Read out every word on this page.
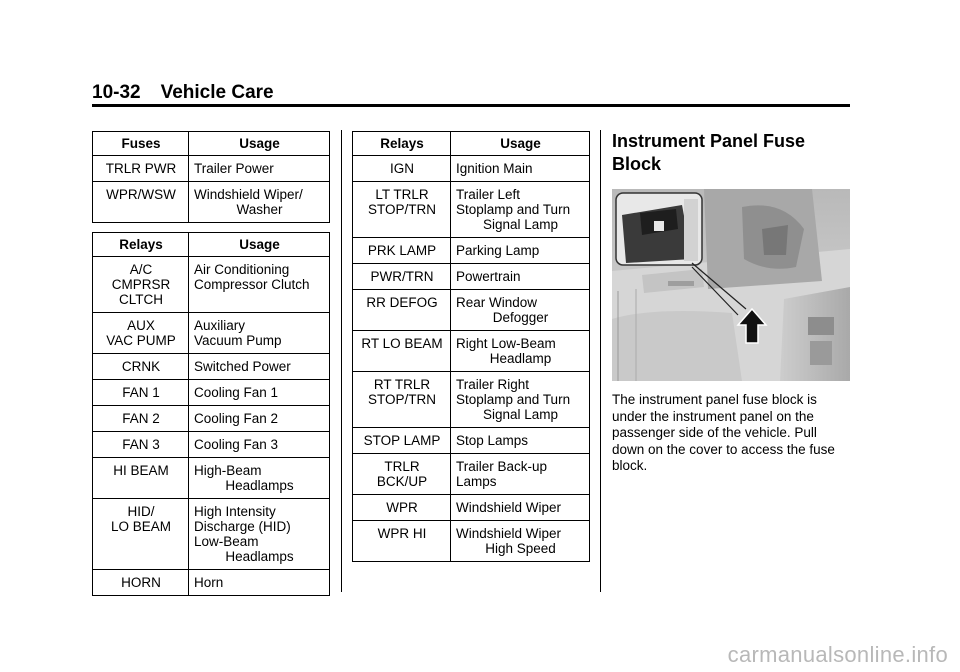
10-32 Vehicle Care
Fuses	Usage

TRLR PWR	Trailer Power

WPR/WSW	Windshield Wiper/
Washer
Relays	Usage

A/C
CMPRSR
CLTCH	Air Conditioning
Compressor Clutch

AUX
VAC PUMP	Auxiliary
Vacuum Pump

CRNK	Switched Power

FAN 1	Cooling Fan 1

FAN 2	Cooling Fan 2

FAN 3	Cooling Fan 3

HI BEAM	High-Beam
Headlamps

HID/
LO BEAM	High Intensity
Discharge (HID)
Low-Beam
Headlamps

HORN	Horn
Relays	Usage

IGN	Ignition Main

LT TRLR
STOP/TRN	Trailer Left
Stoplamp and Turn
Signal Lamp

PRK LAMP	Parking Lamp

PWR/TRN	Powertrain

RR DEFOG	Rear Window
Defogger

RT LO BEAM	Right Low-Beam
Headlamp

RT TRLR
STOP/TRN	Trailer Right
Stoplamp and Turn
Signal Lamp

STOP LAMP	Stop Lamps

TRLR
BCK/UP	Trailer Back-up
Lamps

WPR	Windshield Wiper

WPR HI	Windshield Wiper
High Speed
Instrument Panel Fuse Block
The instrument panel fuse block is under the instrument panel on the passenger side of the vehicle. Pull down on the cover to access the fuse block.
carmanualsonline.info
